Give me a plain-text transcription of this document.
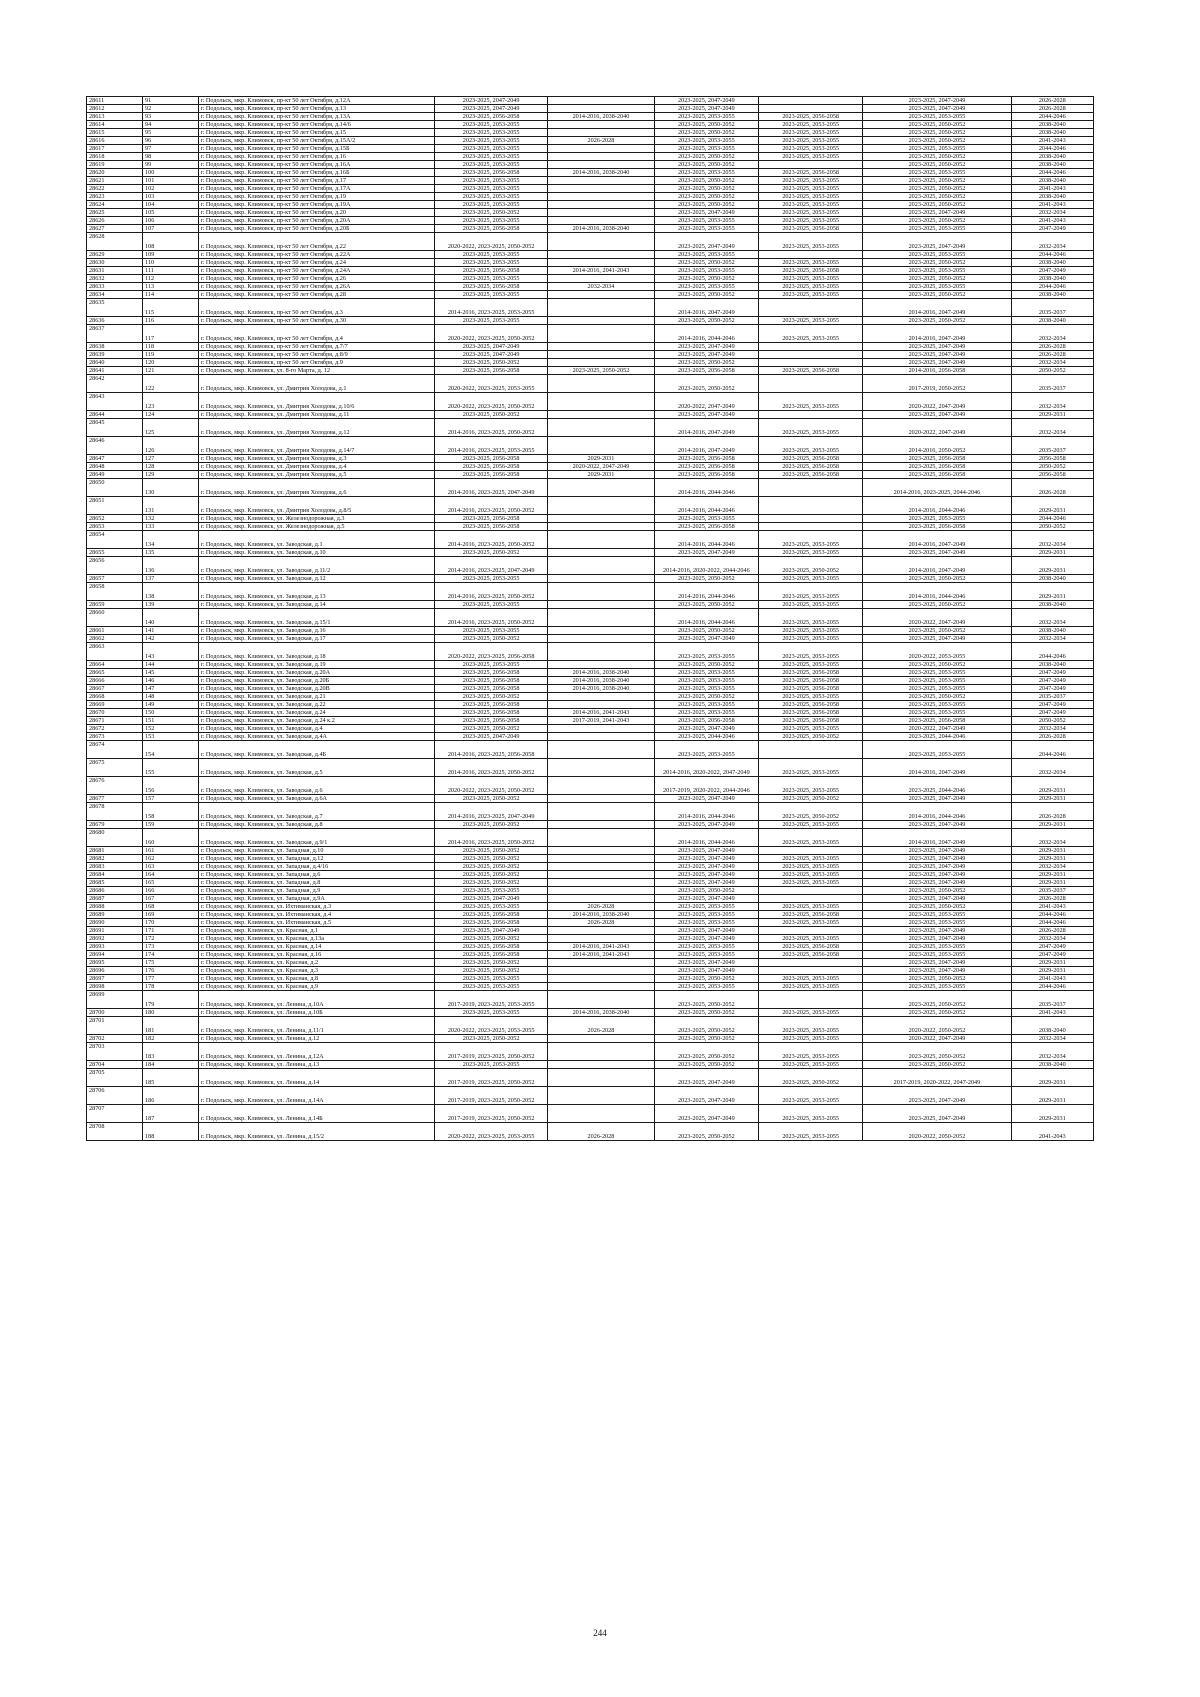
28611	91	г. Подольск, мкр. Климовск, пр-кт 50 лет Октября, д.12А	2023-2025, 2047-2049		2023-2025, 2047-2049		2023-2025, 2047-2049	2026-2028
28612	92	г. Подольск, мкр. Климовск, пр-кт 50 лет Октября, д.13	2023-2025, 2047-2049		2023-2025, 2047-2049		2023-2025, 2047-2049	2026-2028
28613	93	г. Подольск, мкр. Климовск, пр-кт 50 лет Октября, д.13А	2023-2025, 2056-2058	2014-2016, 2038-2040	2023-2025, 2053-2055	2023-2025, 2056-2058	2023-2025, 2053-2055	2044-2046
28614	94	г. Подольск, мкр. Климовск, пр-кт 50 лет Октября, д.14/6	2023-2025, 2053-2055		2023-2025, 2050-2052	2023-2025, 2053-2055	2023-2025, 2050-2052	2038-2040
28615	95	г. Подольск, мкр. Климовск, пр-кт 50 лет Октября, д.15	2023-2025, 2053-2055		2023-2025, 2050-2052	2023-2025, 2053-2055	2023-2025, 2050-2052	2038-2040
28616	96	г. Подольск, мкр. Климовск, пр-кт 50 лет Октября, д.15А/2	2023-2025, 2053-2055	2026-2028	2023-2025, 2053-2055	2023-2025, 2053-2055	2023-2025, 2050-2052	2041-2043
28617	97	г. Подольск, мкр. Климовск, пр-кт 50 лет Октября, д.15Б	2023-2025, 2053-2055		2023-2025, 2053-2055	2023-2025, 2053-2055	2023-2025, 2053-2055	2044-2046
28618	98	г. Подольск, мкр. Климовск, пр-кт 50 лет Октября, д.16	2023-2025, 2053-2055		2023-2025, 2050-2052	2023-2025, 2053-2055	2023-2025, 2050-2052	2038-2040
28619	99	г. Подольск, мкр. Климовск, пр-кт 50 лет Октября, д.16А	2023-2025, 2053-2055		2023-2025, 2050-2052		2023-2025, 2050-2052	2038-2040
28620	100	г. Подольск, мкр. Климовск, пр-кт 50 лет Октября, д.16Б	2023-2025, 2056-2058	2014-2016, 2038-2040	2023-2025, 2053-2055	2023-2025, 2056-2058	2023-2025, 2053-2055	2044-2046
28621	101	г. Подольск, мкр. Климовск, пр-кт 50 лет Октября, д.17	2023-2025, 2053-2055		2023-2025, 2050-2052	2023-2025, 2053-2055	2023-2025, 2050-2052	2038-2040
28622	102	г. Подольск, мкр. Климовск, пр-кт 50 лет Октября, д.17А	2023-2025, 2053-2055		2023-2025, 2050-2052	2023-2025, 2053-2055	2023-2025, 2050-2052	2041-2043
28623	103	г. Подольск, мкр. Климовск, пр-кт 50 лет Октября, д.19	2023-2025, 2053-2055		2023-2025, 2050-2052	2023-2025, 2053-2055	2023-2025, 2050-2052	2038-2040
28624	104	г. Подольск, мкр. Климовск, пр-кт 50 лет Октября, д.19А	2023-2025, 2053-2055		2023-2025, 2050-2052	2023-2025, 2053-2055	2023-2025, 2050-2052	2041-2043
28625	105	г. Подольск, мкр. Климовск, пр-кт 50 лет Октября, д.20	2023-2025, 2050-2052		2023-2025, 2047-2049	2023-2025, 2053-2055	2023-2025, 2047-2049	2032-2034
28626	106	г. Подольск, мкр. Климовск, пр-кт 50 лет Октября, д.20А	2023-2025, 2053-2055		2023-2025, 2053-2055	2023-2025, 2053-2055	2023-2025, 2050-2052	2041-2043
28627	107	г. Подольск, мкр. Климовск, пр-кт 50 лет Октября, д.20Б	2023-2025, 2056-2058	2014-2016, 2038-2040	2023-2025, 2053-2055	2023-2025, 2056-2058	2023-2025, 2053-2055	2047-2049
28628	108	г. Подольск, мкр. Климовск, пр-кт 50 лет Октября, д.22	2020-2022, 2023-2025, 2050-2052		2023-2025, 2047-2049	2023-2025, 2053-2055	2023-2025, 2047-2049	2032-2034
28629	109	г. Подольск, мкр. Климовск, пр-кт 50 лет Октября, д.22А	2023-2025, 2053-2055		2023-2025, 2053-2055		2023-2025, 2053-2055	2044-2046
28630	110	г. Подольск, мкр. Климовск, пр-кт 50 лет Октября, д.24	2023-2025, 2053-2055		2023-2025, 2050-2052	2023-2025, 2053-2055	2023-2025, 2050-2052	2038-2040
28631	111	г. Подольск, мкр. Климовск, пр-кт 50 лет Октября, д.24А	2023-2025, 2056-2058	2014-2016, 2041-2043	2023-2025, 2053-2055	2023-2025, 2056-2058	2023-2025, 2053-2055	2047-2049
28632	112	г. Подольск, мкр. Климовск, пр-кт 50 лет Октября, д.26	2023-2025, 2053-2055		2023-2025, 2050-2052	2023-2025, 2053-2055	2023-2025, 2050-2052	2038-2040
28633	113	г. Подольск, мкр. Климовск, пр-кт 50 лет Октября, д.26А	2023-2025, 2056-2058	2032-2034	2023-2025, 2053-2055	2023-2025, 2053-2055	2023-2025, 2053-2055	2044-2046
28634	114	г. Подольск, мкр. Климовск, пр-кт 50 лет Октября, д.28	2023-2025, 2053-2055		2023-2025, 2050-2052	2023-2025, 2053-2055	2023-2025, 2050-2052	2038-2040
28635	115	г. Подольск, мкр. Климовск, пр-кт 50 лет Октября, д.3	2014-2016, 2023-2025, 2053-2055		2014-2016, 2047-2049		2014-2016, 2047-2049	2035-2037
28636	116	г. Подольск, мкр. Климовск, пр-кт 50 лет Октября, д.30	2023-2025, 2053-2055		2023-2025, 2050-2052	2023-2025, 2053-2055	2023-2025, 2050-2052	2038-2040
28637	117	г. Подольск, мкр. Климовск, пр-кт 50 лет Октября, д.4	2020-2022, 2023-2025, 2050-2052		2014-2016, 2044-2046	2023-2025, 2053-2055	2014-2016, 2047-2049	2032-2034
28638	118	г. Подольск, мкр. Климовск, пр-кт 50 лет Октября, д.7/7	2023-2025, 2047-2049		2023-2025, 2047-2049		2023-2025, 2047-2049	2026-2028
28639	119	г. Подольск, мкр. Климовск, пр-кт 50 лет Октября, д.8/9	2023-2025, 2047-2049		2023-2025, 2047-2049		2023-2025, 2047-2049	2026-2028
28640	120	г. Подольск, мкр. Климовск, пр-кт 50 лет Октября, д.9	2023-2025, 2050-2052		2023-2025, 2050-2052		2023-2025, 2047-2049	2032-2034
28641	121	г. Подольск, мкр. Климовск, ул. 8-го Марта, д. 12	2023-2025, 2056-2058	2023-2025, 2050-2052	2023-2025, 2056-2058	2023-2025, 2056-2058	2014-2016, 2056-2058	2050-2052
28642	122	г. Подольск, мкр. Климовск, ул. Дмитрия Холодова, д.1	2020-2022, 2023-2025, 2053-2055		2023-2025, 2050-2052		2017-2019, 2050-2052	2035-2037
28643	123	г. Подольск, мкр. Климовск, ул. Дмитрия Холодова, д.10/6	2020-2022, 2023-2025, 2050-2052		2020-2022, 2047-2049	2023-2025, 2053-2055	2020-2022, 2047-2049	2032-2034
28644	124	г. Подольск, мкр. Климовск, ул. Дмитрия Холодова, д.11	2023-2025, 2050-2052		2023-2025, 2047-2049		2023-2025, 2047-2049	2029-2031
28645	125	г. Подольск, мкр. Климовск, ул. Дмитрия Холодова, д.12	2014-2016, 2023-2025, 2050-2052		2014-2016, 2047-2049	2023-2025, 2053-2055	2020-2022, 2047-2049	2032-2034
28646	126	г. Подольск, мкр. Климовск, ул. Дмитрия Холодова, д.14/7	2014-2016, 2023-2025, 2053-2055		2014-2016, 2047-2049	2023-2025, 2053-2055	2014-2016, 2050-2052	2035-2037
28647	127	г. Подольск, мкр. Климовск, ул. Дмитрия Холодова, д.3	2023-2025, 2056-2058	2029-2031	2023-2025, 2056-2058	2023-2025, 2056-2058	2023-2025, 2056-2058	2056-2058
28648	128	г. Подольск, мкр. Климовск, ул. Дмитрия Холодова, д.4	2023-2025, 2056-2058	2020-2022, 2047-2049	2023-2025, 2056-2058	2023-2025, 2056-2058	2023-2025, 2056-2058	2050-2052
28649	129	г. Подольск, мкр. Климовск, ул. Дмитрия Холодова, д.5	2023-2025, 2056-2058	2029-2031	2023-2025, 2056-2058	2023-2025, 2056-2058	2023-2025, 2056-2058	2056-2058
28650	130	г. Подольск, мкр. Климовск, ул. Дмитрия Холодова, д.6	2014-2016, 2023-2025, 2047-2049		2014-2016, 2044-2046		2014-2016, 2023-2025, 2044-2046	2026-2028
28651	131	г. Подольск, мкр. Климовск, ул. Дмитрия Холодова, д.8/5	2014-2016, 2023-2025, 2050-2052		2014-2016, 2044-2046		2014-2016, 2044-2046	2029-2031
28652	132	г. Подольск, мкр. Климовск, ул. Железнодорожная, д.3	2023-2025, 2056-2058		2023-2025, 2053-2055		2023-2025, 2053-2055	2044-2046
28653	133	г. Подольск, мкр. Климовск, ул. Железнодорожная, д.5	2023-2025, 2056-2058		2023-2025, 2056-2058		2023-2025, 2056-2058	2050-2052
28654	134	г. Подольск, мкр. Климовск, ул. Заводская, д.1	2014-2016, 2023-2025, 2050-2052		2014-2016, 2044-2046	2023-2025, 2053-2055	2014-2016, 2047-2049	2032-2034
28655	135	г. Подольск, мкр. Климовск, ул. Заводская, д.10	2023-2025, 2050-2052		2023-2025, 2047-2049	2023-2025, 2053-2055	2023-2025, 2047-2049	2029-2031
28656	136	г. Подольск, мкр. Климовск, ул. Заводская, д.11/2	2014-2016, 2023-2025, 2047-2049		2014-2016, 2020-2022, 2044-2046	2023-2025, 2050-2052	2014-2016, 2047-2049	2029-2031
28657	137	г. Подольск, мкр. Климовск, ул. Заводская, д.12	2023-2025, 2053-2055		2023-2025, 2050-2052	2023-2025, 2053-2055	2023-2025, 2050-2052	2038-2040
28658	138	г. Подольск, мкр. Климовск, ул. Заводская, д.13	2014-2016, 2023-2025, 2050-2052		2014-2016, 2044-2046	2023-2025, 2053-2055	2014-2016, 2044-2046	2029-2031
28659	139	г. Подольск, мкр. Климовск, ул. Заводская, д.14	2023-2025, 2053-2055		2023-2025, 2050-2052	2023-2025, 2053-2055	2023-2025, 2050-2052	2038-2040
28660	140	г. Подольск, мкр. Климовск, ул. Заводская, д.15/1	2014-2016, 2023-2025, 2050-2052		2014-2016, 2044-2046	2023-2025, 2053-2055	2020-2022, 2047-2049	2032-2034
28661	141	г. Подольск, мкр. Климовск, ул. Заводская, д.16	2023-2025, 2053-2055		2023-2025, 2050-2052	2023-2025, 2053-2055	2023-2025, 2050-2052	2038-2040
28662	142	г. Подольск, мкр. Климовск, ул. Заводская, д.17	2023-2025, 2050-2052		2023-2025, 2047-2049	2023-2025, 2053-2055	2023-2025, 2047-2049	2032-2034
28663	143	г. Подольск, мкр. Климовск, ул. Заводская, д.18	2020-2022, 2023-2025, 2056-2058		2023-2025, 2053-2055	2023-2025, 2053-2055	2020-2022, 2053-2055	2044-2046
28664	144	г. Подольск, мкр. Климовск, ул. Заводская, д.19	2023-2025, 2053-2055		2023-2025, 2050-2052	2023-2025, 2053-2055	2023-2025, 2050-2052	2038-2040
28665	145	г. Подольск, мкр. Климовск, ул. Заводская, д.20А	2023-2025, 2056-2058	2014-2016, 2038-2040	2023-2025, 2053-2055	2023-2025, 2056-2058	2023-2025, 2053-2055	2047-2049
28666	146	г. Подольск, мкр. Климовск, ул. Заводская, д.20Б	2023-2025, 2056-2058	2014-2016, 2038-2040	2023-2025, 2053-2055	2023-2025, 2056-2058	2023-2025, 2053-2055	2047-2049
28667	147	г. Подольск, мкр. Климовск, ул. Заводская, д.20В	2023-2025, 2056-2058	2014-2016, 2038-2040	2023-2025, 2053-2055	2023-2025, 2056-2058	2023-2025, 2053-2055	2047-2049
28668	148	г. Подольск, мкр. Климовск, ул. Заводская, д.21	2023-2025, 2050-2052		2023-2025, 2050-2052	2023-2025, 2053-2055	2023-2025, 2050-2052	2035-2037
28669	149	г. Подольск, мкр. Климовск, ул. Заводская, д.22	2023-2025, 2056-2058		2023-2025, 2053-2055	2023-2025, 2056-2058	2023-2025, 2053-2055	2047-2049
28670	150	г. Подольск, мкр. Климовск, ул. Заводская, д.24	2023-2025, 2056-2058	2014-2016, 2041-2043	2023-2025, 2053-2055	2023-2025, 2056-2058	2023-2025, 2053-2055	2047-2049
28671	151	г. Подольск, мкр. Климовск, ул. Заводская, д.24 к.2	2023-2025, 2056-2058	2017-2019, 2041-2043	2023-2025, 2056-2058	2023-2025, 2056-2058	2023-2025, 2056-2058	2050-2052
28672	152	г. Подольск, мкр. Климовск, ул. Заводская, д.4	2023-2025, 2050-2052		2023-2025, 2047-2049	2023-2025, 2053-2055	2020-2022, 2047-2049	2032-2034
28673	153	г. Подольск, мкр. Климовск, ул. Заводская, д.4А	2023-2025, 2047-2049		2023-2025, 2044-2046	2023-2025, 2050-2052	2023-2025, 2044-2046	2026-2028
28674	154	г. Подольск, мкр. Климовск, ул. Заводская, д.4Б	2014-2016, 2023-2025, 2056-2058		2023-2025, 2053-2055		2023-2025, 2053-2055	2044-2046
28675	155	г. Подольск, мкр. Климовск, ул. Заводская, д.5	2014-2016, 2023-2025, 2050-2052		2014-2016, 2020-2022, 2047-2049	2023-2025, 2053-2055	2014-2016, 2047-2049	2032-2034
28676	156	г. Подольск, мкр. Климовск, ул. Заводская, д.6	2020-2022, 2023-2025, 2050-2052		2017-2019, 2020-2022, 2044-2046	2023-2025, 2053-2055	2023-2025, 2044-2046	2029-2031
28677	157	г. Подольск, мкр. Климовск, ул. Заводская, д.6А	2023-2025, 2050-2052		2023-2025, 2047-2049	2023-2025, 2050-2052	2023-2025, 2047-2049	2029-2031
28678	158	г. Подольск, мкр. Климовск, ул. Заводская, д.7	2014-2016, 2023-2025, 2047-2049		2014-2016, 2044-2046	2023-2025, 2050-2052	2014-2016, 2044-2046	2026-2028
28679	159	г. Подольск, мкр. Климовск, ул. Заводская, д.8	2023-2025, 2050-2052		2023-2025, 2047-2049	2023-2025, 2053-2055	2023-2025, 2047-2049	2029-2031
28680	160	г. Подольск, мкр. Климовск, ул. Заводская, д.9/1	2014-2016, 2023-2025, 2050-2052		2014-2016, 2044-2046	2023-2025, 2053-2055	2014-2016, 2047-2049	2032-2034
28681	161	г. Подольск, мкр. Климовск, ул. Западная, д.10	2023-2025, 2050-2052		2023-2025, 2047-2049		2023-2025, 2047-2049	2029-2031
28682	162	г. Подольск, мкр. Климовск, ул. Западная, д.12	2023-2025, 2050-2052		2023-2025, 2047-2049	2023-2025, 2053-2055	2023-2025, 2047-2049	2029-2031
28683	163	г. Подольск, мкр. Климовск, ул. Западная, д.4/16	2023-2025, 2050-2052		2023-2025, 2047-2049	2023-2025, 2053-2055	2023-2025, 2047-2049	2032-2034
28684	164	г. Подольск, мкр. Климовск, ул. Западная, д.6	2023-2025, 2050-2052		2023-2025, 2047-2049	2023-2025, 2053-2055	2023-2025, 2047-2049	2029-2031
28685	165	г. Подольск, мкр. Климовск, ул. Западная, д.8	2023-2025, 2050-2052		2023-2025, 2047-2049	2023-2025, 2053-2055	2023-2025, 2047-2049	2029-2031
28686	166	г. Подольск, мкр. Климовск, ул. Западная, д.9	2023-2025, 2053-2055		2023-2025, 2050-2052		2023-2025, 2050-2052	2035-2037
28687	167	г. Подольск, мкр. Климовск, ул. Западная, д.9А	2023-2025, 2047-2049		2023-2025, 2047-2049		2023-2025, 2047-2049	2026-2028
28688	168	г. Подольск, мкр. Климовск, ул. Ихтиманская, д.3	2023-2025, 2053-2055	2026-2028	2023-2025, 2053-2055	2023-2025, 2053-2055	2023-2025, 2050-2052	2041-2043
28689	169	г. Подольск, мкр. Климовск, ул. Ихтиманская, д.4	2023-2025, 2056-2058	2014-2016, 2038-2040	2023-2025, 2053-2055	2023-2025, 2056-2058	2023-2025, 2053-2055	2044-2046
28690	170	г. Подольск, мкр. Климовск, ул. Ихтиманская, д.5	2023-2025, 2056-2058	2026-2028	2023-2025, 2053-2055	2023-2025, 2053-2055	2023-2025, 2053-2055	2044-2046
28691	171	г. Подольск, мкр. Климовск, ул. Красная, д.1	2023-2025, 2047-2049		2023-2025, 2047-2049		2023-2025, 2047-2049	2026-2028
28692	172	г. Подольск, мкр. Климовск, ул. Красная, д.13а	2023-2025, 2050-2052		2023-2025, 2047-2049	2023-2025, 2053-2055	2023-2025, 2047-2049	2032-2034
28693	173	г. Подольск, мкр. Климовск, ул. Красная, д.14	2023-2025, 2056-2058	2014-2016, 2041-2043	2023-2025, 2053-2055	2023-2025, 2056-2058	2023-2025, 2053-2055	2047-2049
28694	174	г. Подольск, мкр. Климовск, ул. Красная, д.16	2023-2025, 2056-2058	2014-2016, 2041-2043	2023-2025, 2053-2055	2023-2025, 2056-2058	2023-2025, 2053-2055	2047-2049
28695	175	г. Подольск, мкр. Климовск, ул. Красная, д.2	2023-2025, 2050-2052		2023-2025, 2047-2049		2023-2025, 2047-2049	2029-2031
28696	176	г. Подольск, мкр. Климовск, ул. Красная, д.3	2023-2025, 2050-2052		2023-2025, 2047-2049		2023-2025, 2047-2049	2029-2031
28697	177	г. Подольск, мкр. Климовск, ул. Красная, д.8	2023-2025, 2053-2055		2023-2025, 2050-2052	2023-2025, 2053-2055	2023-2025, 2050-2052	2041-2043
28698	178	г. Подольск, мкр. Климовск, ул. Красная, д.9	2023-2025, 2053-2055		2023-2025, 2053-2055	2023-2025, 2053-2055	2023-2025, 2053-2055	2044-2046
28699	179	г. Подольск, мкр. Климовск, ул. Ленина, д.10А	2017-2019, 2023-2025, 2053-2055		2023-2025, 2050-2052		2023-2025, 2050-2052	2035-2037
28700	180	г. Подольск, мкр. Климовск, ул. Ленина, д.10Б	2023-2025, 2053-2055	2014-2016, 2038-2040	2023-2025, 2050-2052	2023-2025, 2053-2055	2023-2025, 2050-2052	2041-2043
28701	181	г. Подольск, мкр. Климовск, ул. Ленина, д.11/1	2020-2022, 2023-2025, 2053-2055	2026-2028	2023-2025, 2050-2052	2023-2025, 2053-2055	2020-2022, 2050-2052	2038-2040
28702	182	г. Подольск, мкр. Климовск, ул. Ленина, д.12	2023-2025, 2050-2052		2023-2025, 2050-2052	2023-2025, 2053-2055	2020-2022, 2047-2049	2032-2034
28703	183	г. Подольск, мкр. Климовск, ул. Ленина, д.12А	2017-2019, 2023-2025, 2050-2052		2023-2025, 2050-2052	2023-2025, 2053-2055	2023-2025, 2050-2052	2032-2034
28704	184	г. Подольск, мкр. Климовск, ул. Ленина, д.13	2023-2025, 2053-2055		2023-2025, 2050-2052	2023-2025, 2053-2055	2023-2025, 2050-2052	2038-2040
28705	185	г. Подольск, мкр. Климовск, ул. Ленина, д.14	2017-2019, 2023-2025, 2050-2052		2023-2025, 2047-2049	2023-2025, 2050-2052	2017-2019, 2020-2022, 2047-2049	2029-2031
28706	186	г. Подольск, мкр. Климовск, ул. Ленина, д.14А	2017-2019, 2023-2025, 2050-2052		2023-2025, 2047-2049	2023-2025, 2053-2055	2023-2025, 2047-2049	2029-2031
28707	187	г. Подольск, мкр. Климовск, ул. Ленина, д.14Б	2017-2019, 2023-2025, 2050-2052		2023-2025, 2047-2049	2023-2025, 2053-2055	2023-2025, 2047-2049	2029-2031
28708	188	г. Подольск, мкр. Климовск, ул. Ленина, д.15/2	2020-2022, 2023-2025, 2053-2055	2026-2028	2023-2025, 2050-2052	2023-2025, 2053-2055	2020-2022, 2050-2052	2041-2043
244
